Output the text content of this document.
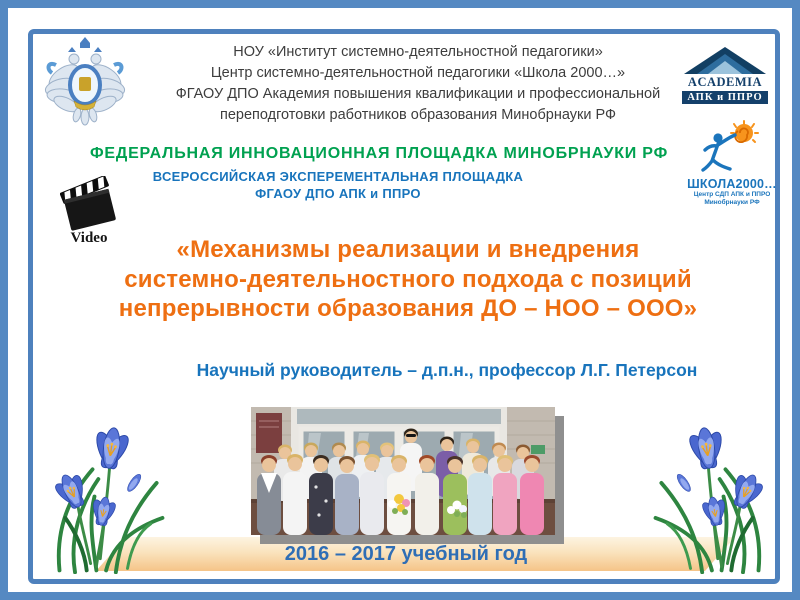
НОУ «Институт системно-деятельностной педагогики»

Центр системно-деятельностной педагогики «Школа 2000…»

ФГАОУ ДПО Академия повышения квалификации и профессиональной переподготовки работников образования Минобрнауки РФ

ACADEMIA
АПК и ППРО
ФЕДЕРАЛЬНАЯ ИННОВАЦИОННАЯ ПЛОЩАДКА МИНОБРНАУКИ РФ
ВСЕРОССИЙСКАЯ ЭКСПЕРЕМЕНТАЛЬНАЯ ПЛОЩАДКА
ФГАОУ ДПО АПК и ППРО
ШКОЛА2000…
Центр СДП АПК и ППРО
Минобрнауки РФ
Video	«Механизмы реализации и внедрения
системно-деятельностного подхода с позиций
непрерывности образования ДО – НОО – ООО»
Научный руководитель – д.п.н., профессор Л.Г. Петерсон
2016 – 2017 учебный год
